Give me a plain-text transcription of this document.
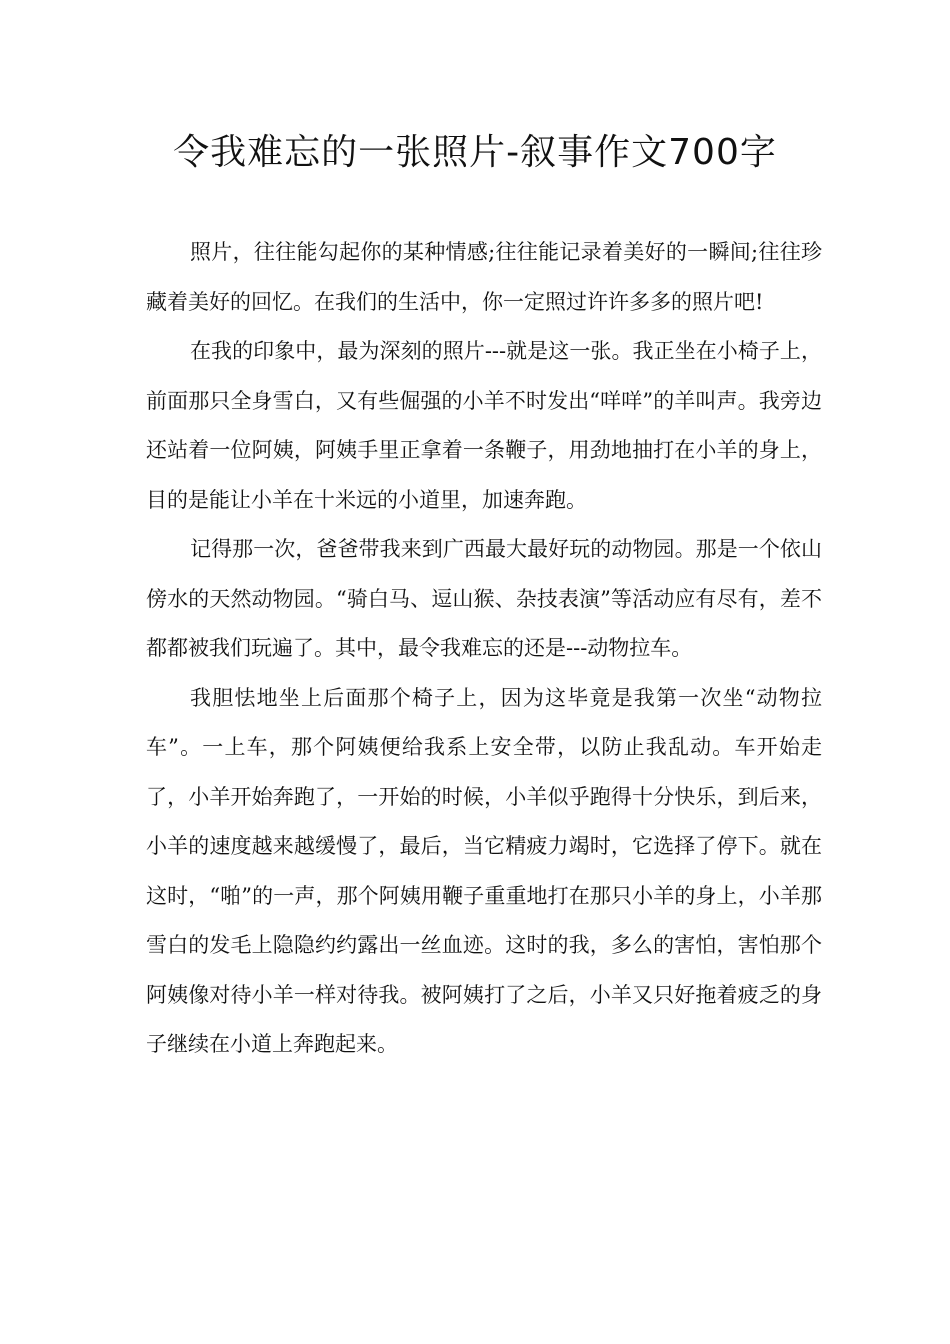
令我难忘的一张照片-叙事作文700字

照片，往往能勾起你的某种情感;往往能记录着美好的一瞬间;往往珍藏着美好的回忆。在我们的生活中，你一定照过许许多多的照片吧!

在我的印象中，最为深刻的照片---就是这一张。我正坐在小椅子上，前面那只全身雪白，又有些倔强的小羊不时发出“咩咩”的羊叫声。我旁边还站着一位阿姨，阿姨手里正拿着一条鞭子，用劲地抽打在小羊的身上，目的是能让小羊在十米远的小道里，加速奔跑。

记得那一次，爸爸带我来到广西最大最好玩的动物园。那是一个依山傍水的天然动物园。“骑白马、逗山猴、杂技表演”等活动应有尽有，差不都都被我们玩遍了。其中，最令我难忘的还是---动物拉车。

我胆怯地坐上后面那个椅子上，因为这毕竟是我第一次坐“动物拉车”。一上车，那个阿姨便给我系上安全带，以防止我乱动。车开始走了，小羊开始奔跑了，一开始的时候，小羊似乎跑得十分快乐，到后来，小羊的速度越来越缓慢了，最后，当它精疲力竭时，它选择了停下。就在这时，“啪”的一声，那个阿姨用鞭子重重地打在那只小羊的身上，小羊那雪白的发毛上隐隐约约露出一丝血迹。这时的我，多么的害怕，害怕那个阿姨像对待小羊一样对待我。被阿姨打了之后，小羊又只好拖着疲乏的身子继续在小道上奔跑起来。
